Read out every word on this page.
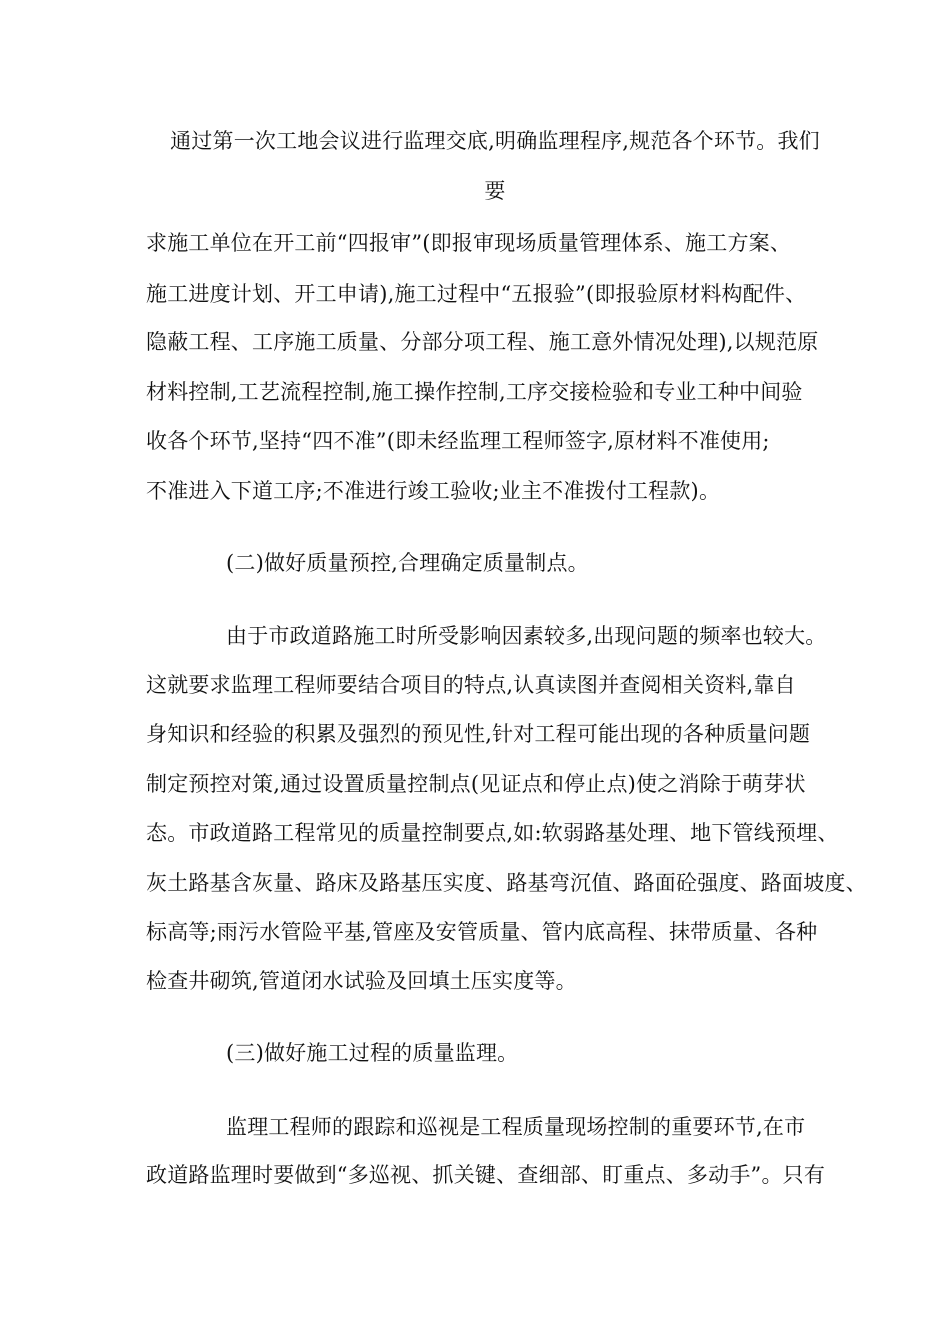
通过第一次工地会议进行监理交底,明确监理程序,规范各个环节。我们
要
求施工单位在开工前“四报审”(即报审现场质量管理体系、施工方案、
施工进度计划、开工申请),施工过程中“五报验”(即报验原材料构配件、
隐蔽工程、工序施工质量、分部分项工程、施工意外情况处理),以规范原
材料控制,工艺流程控制,施工操作控制,工序交接检验和专业工种中间验
收各个环节,坚持“四不准”(即未经监理工程师签字,原材料不准使用;
不准进入下道工序;不准进行竣工验收;业主不准拨付工程款)。
(二)做好质量预控,合理确定质量制点。
由于市政道路施工时所受影响因素较多,出现问题的频率也较大。
这就要求监理工程师要结合项目的特点,认真读图并查阅相关资料,靠自
身知识和经验的积累及强烈的预见性,针对工程可能出现的各种质量问题
制定预控对策,通过设置质量控制点(见证点和停止点)使之消除于萌芽状
态。市政道路工程常见的质量控制要点,如:软弱路基处理、地下管线预埋、
灰土路基含灰量、路床及路基压实度、路基弯沉值、路面砼强度、路面坡度、
标高等;雨污水管险平基,管座及安管质量、管内底高程、抹带质量、各种
检查井砌筑,管道闭水试验及回填土压实度等。
(三)做好施工过程的质量监理。
监理工程师的跟踪和巡视是工程质量现场控制的重要环节,在市
政道路监理时要做到“多巡视、抓关键、查细部、盯重点、多动手”。只有
